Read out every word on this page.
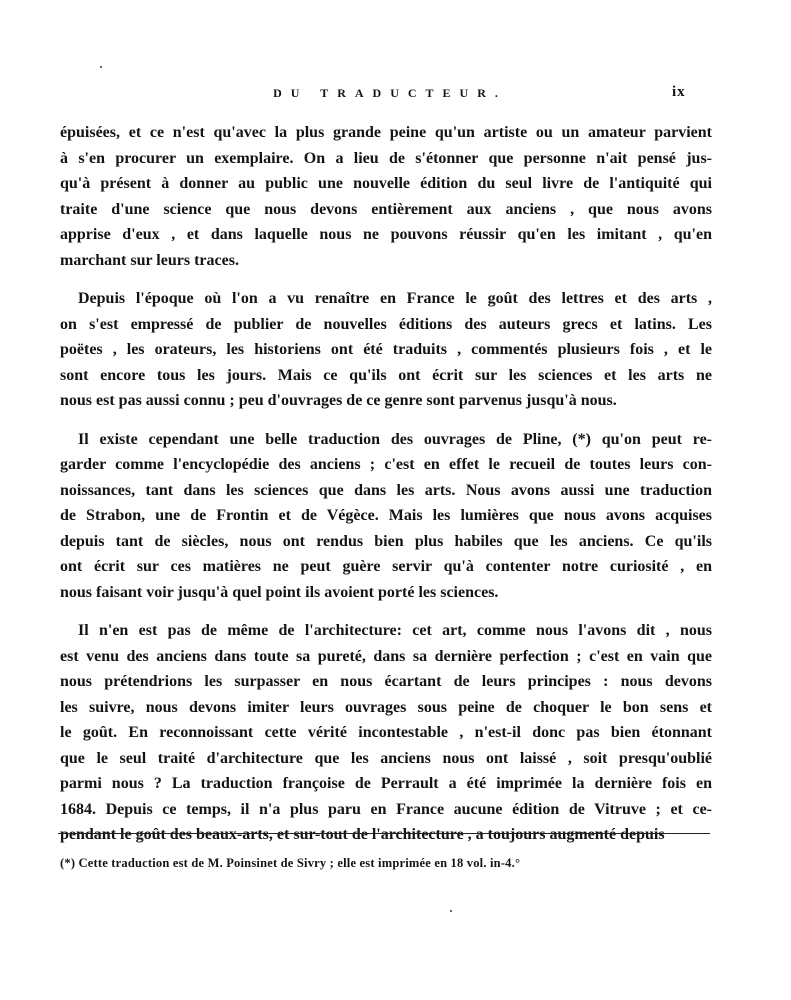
DU TRADUCTEUR.	ix

épuisées, et ce n'est qu'avec la plus grande peine qu'un artiste ou un amateur parvient
à s'en procurer un exemplaire. On a lieu de s'étonner que personne n'ait pensé jus-
qu'à présent à donner au public une nouvelle édition du seul livre de l'antiquité qui
traite d'une science que nous devons entièrement aux anciens , que nous avons
apprise d'eux , et dans laquelle nous ne pouvons réussir qu'en les imitant , qu'en
marchant sur leurs traces.

Depuis l'époque où l'on a vu renaître en France le goût des lettres et des arts ,
on s'est empressé de publier de nouvelles éditions des auteurs grecs et latins. Les
poëtes , les orateurs, les historiens ont été traduits , commentés plusieurs fois , et le
sont encore tous les jours. Mais ce qu'ils ont écrit sur les sciences et les arts ne
nous est pas aussi connu ; peu d'ouvrages de ce genre sont parvenus jusqu'à nous.

Il existe cependant une belle traduction des ouvrages de Pline, (*) qu'on peut re-
garder comme l'encyclopédie des anciens ; c'est en effet le recueil de toutes leurs con-
noissances, tant dans les sciences que dans les arts. Nous avons aussi une traduction
de Strabon, une de Frontin et de Végèce. Mais les lumières que nous avons acquises
depuis tant de siècles, nous ont rendus bien plus habiles que les anciens. Ce qu'ils
ont écrit sur ces matières ne peut guère servir qu'à contenter notre curiosité , en
nous faisant voir jusqu'à quel point ils avoient porté les sciences.

Il n'en est pas de même de l'architecture: cet art, comme nous l'avons dit , nous
est venu des anciens dans toute sa pureté, dans sa dernière perfection ; c'est en vain que
nous prétendrions les surpasser en nous écartant de leurs principes : nous devons
les suivre, nous devons imiter leurs ouvrages sous peine de choquer le bon sens et
le goût. En reconnoissant cette vérité incontestable , n'est-il donc pas bien étonnant
que le seul traité d'architecture que les anciens nous ont laissé , soit presqu'oublié
parmi nous ? La traduction françoise de Perrault a été imprimée la dernière fois en
1684. Depuis ce temps, il n'a plus paru en France aucune édition de Vitruve ; et ce-
pendant le goût des beaux-arts, et sur-tout de l'architecture , a toujours augmenté depuis

(*) Cette traduction est de M. Poinsinet de Sivry ; elle est imprimée en 18 vol. in-4.°
